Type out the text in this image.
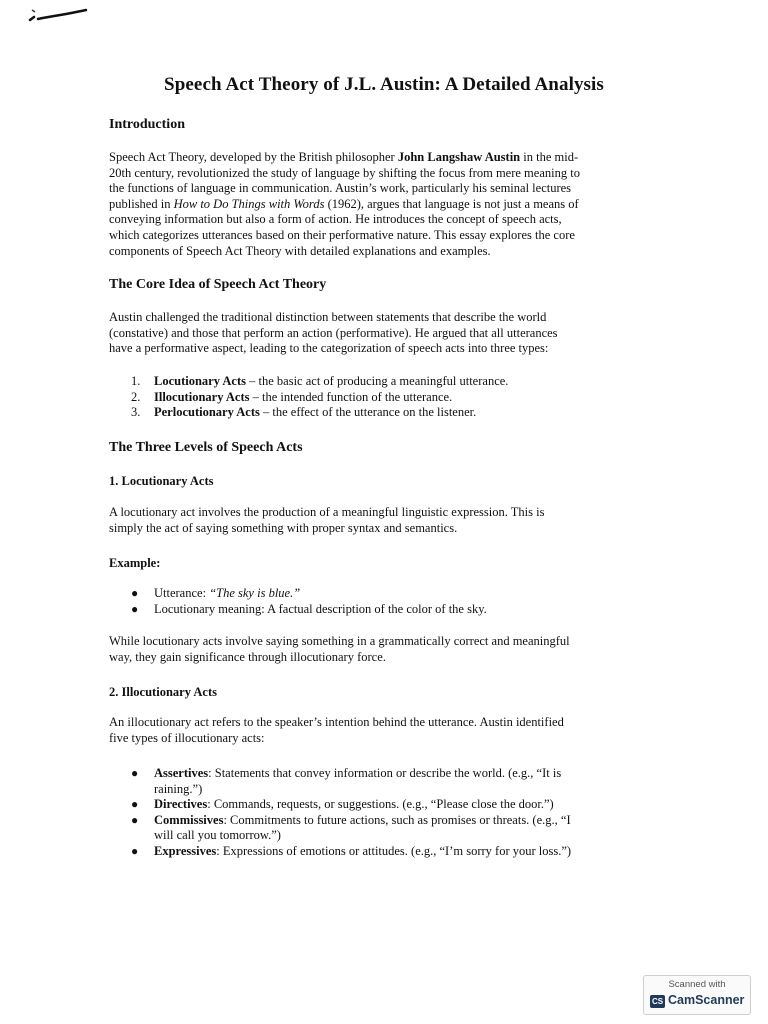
Speech Act Theory of J.L. Austin: A Detailed Analysis
Introduction
Speech Act Theory, developed by the British philosopher John Langshaw Austin in the mid-
20th century, revolutionized the study of language by shifting the focus from mere meaning to
the functions of language in communication. Austin’s work, particularly his seminal lectures
published in How to Do Things with Words (1962), argues that language is not just a means of
conveying information but also a form of action. He introduces the concept of speech acts,
which categorizes utterances based on their performative nature. This essay explores the core
components of Speech Act Theory with detailed explanations and examples.
The Core Idea of Speech Act Theory
Austin challenged the traditional distinction between statements that describe the world
(constative) and those that perform an action (performative). He argued that all utterances
have a performative aspect, leading to the categorization of speech acts into three types:
1. Locutionary Acts – the basic act of producing a meaningful utterance.
2. Illocutionary Acts – the intended function of the utterance.
3. Perlocutionary Acts – the effect of the utterance on the listener.
The Three Levels of Speech Acts
1. Locutionary Acts
A locutionary act involves the production of a meaningful linguistic expression. This is
simply the act of saying something with proper syntax and semantics.
Example:
● Utterance: “The sky is blue.”
● Locutionary meaning: A factual description of the color of the sky.
While locutionary acts involve saying something in a grammatically correct and meaningful
way, they gain significance through illocutionary force.
2. Illocutionary Acts
An illocutionary act refers to the speaker’s intention behind the utterance. Austin identified
five types of illocutionary acts:
● Assertives: Statements that convey information or describe the world. (e.g., “It is
raining.”)
● Directives: Commands, requests, or suggestions. (e.g., “Please close the door.”)
● Commissives: Commitments to future actions, such as promises or threats. (e.g., “I
will call you tomorrow.”)
● Expressives: Expressions of emotions or attitudes. (e.g., “I’m sorry for your loss.”)
Scanned with
CS CamScanner
